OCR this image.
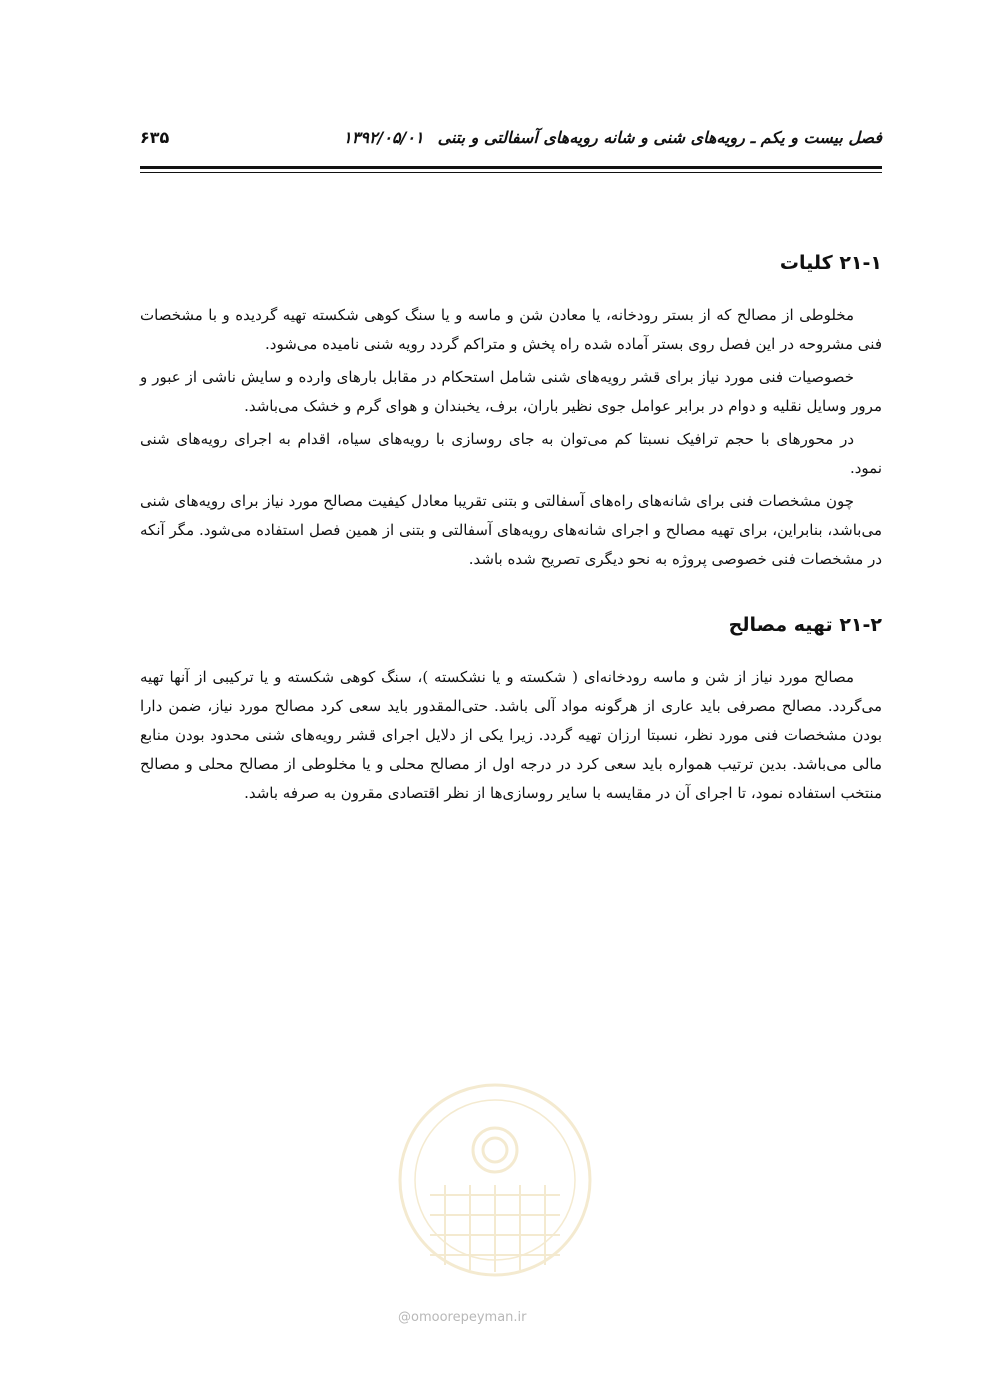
فصل بیست و یکم ـ رویه‌های شنی و شانه رویه‌های آسفالتی و بتنی۱۳۹۲/۰۵/۰۱
۶۳۵
۲۱-۱ کلیات

مخلوطی از مصالح که از بستر رودخانه، یا معادن شن و ماسه و یا سنگ کوهی شکسته تهیه گردیده و با مشخصات فنی مشروحه در این فصل روی بستر آماده شده راه پخش و متراکم گردد رویه شنی نامیده می‌شود.

خصوصیات فنی مورد نیاز برای قشر رویه‌های شنی شامل استحکام در مقابل بارهای وارده و سایش ناشی از عبور و مرور وسایل نقلیه و دوام در برابر عوامل جوی نظیر باران، برف، یخبندان و هوای گرم و خشک می‌باشد.

در محورهای با حجم ترافیک نسبتا کم می‌توان به جای روسازی با رویه‌های سیاه، اقدام به اجرای رویه‌های شنی نمود.

چون مشخصات فنی برای شانه‌های راه‌های آسفالتی و بتنی تقریبا معادل کیفیت مصالح مورد نیاز برای رویه‌های شنی می‌باشد، بنابراین، برای تهیه مصالح و اجرای شانه‌های رویه‌های آسفالتی و بتنی از همین فصل استفاده می‌شود. مگر آنکه در مشخصات فنی خصوصی پروژه به نحو دیگری تصریح شده باشد.

۲۱-۲ تهیه مصالح

مصالح مورد نیاز از شن و ماسه رودخانه‌ای ( شکسته و یا نشکسته )، سنگ کوهی شکسته و یا ترکیبی از آنها تهیه می‌گردد. مصالح مصرفی باید عاری از هرگونه مواد آلی باشد. حتی‌المقدور باید سعی کرد مصالح مورد نیاز، ضمن دارا بودن مشخصات فنی مورد نظر، نسبتا ارزان تهیه گردد. زیرا یکی از دلایل اجرای قشر رویه‌های شنی محدود بودن منابع مالی می‌باشد. بدین ترتیب همواره باید سعی کرد در درجه اول از مصالح محلی و یا مخلوطی از مصالح محلی و مصالح منتخب استفاده نمود، تا اجرای آن در مقایسه با سایر روسازی‌ها از نظر اقتصادی مقرون به صرفه باشد.

@omoorepeyman.ir
